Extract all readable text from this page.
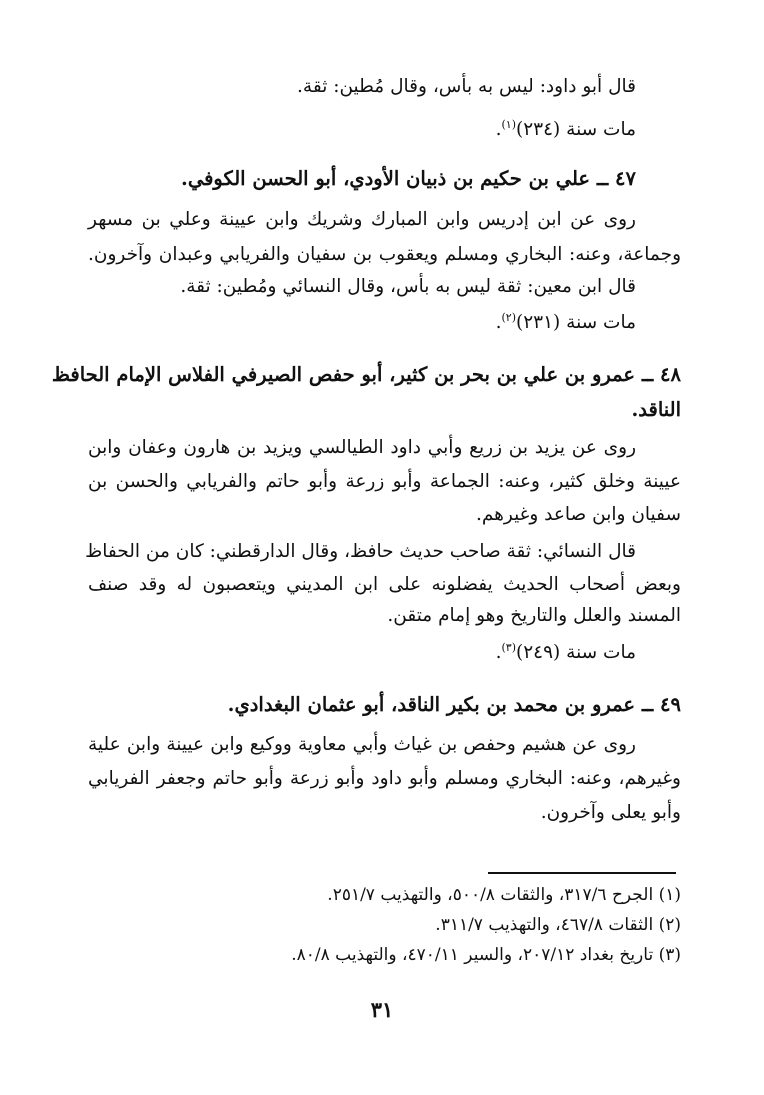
قال أبو داود: ليس به بأس، وقال مُطين: ثقة.
مات سنة (٢٣٤)$^{(١)}$.
٤٧ ــ علي بن حكيم بن ذبيان الأودي، أبو الحسن الكوفي.
روى عن ابن إدريس وابن المبارك وشريك وابن عيينة وعلي بن مسهر
وجماعة، وعنه: البخاري ومسلم ويعقوب بن سفيان والفريابي وعبدان وآخرون.
قال ابن معين: ثقة ليس به بأس، وقال النسائي ومُطين: ثقة.
مات سنة (٢٣١)$^{(٢)}$.
٤٨ ــ عمرو بن علي بن بحر بن كثير، أبو حفص الصيرفي الفلاس الإمام الحافظ
الناقد.
روى عن يزيد بن زريع وأبي داود الطيالسي ويزيد بن هارون وعفان وابن
عيينة وخلق كثير، وعنه: الجماعة وأبو زرعة وأبو حاتم والفريابي والحسن بن
سفيان وابن صاعد وغيرهم.
قال النسائي: ثقة صاحب حديث حافظ، وقال الدارقطني: كان من الحفاظ
وبعض أصحاب الحديث يفضلونه على ابن المديني ويتعصبون له وقد صنف
المسند والعلل والتاريخ وهو إمام متقن.
مات سنة (٢٤٩)$^{(٣)}$.
٤٩ ــ عمرو بن محمد بن بكير الناقد، أبو عثمان البغدادي.
روى عن هشيم وحفص بن غياث وأبي معاوية ووكيع وابن عيينة وابن علية
وغيرهم، وعنه: البخاري ومسلم وأبو داود وأبو زرعة وأبو حاتم وجعفر الفريابي
وأبو يعلى وآخرون.
(١) الجرح ٣١٧/٦، والثقات ٥٠٠/٨، والتهذيب ٢٥١/٧.
(٢) الثقات ٤٦٧/٨، والتهذيب ٣١١/٧.
(٣) تاريخ بغداد ٢٠٧/١٢، والسير ٤٧٠/١١، والتهذيب ٨٠/٨.
٣١
